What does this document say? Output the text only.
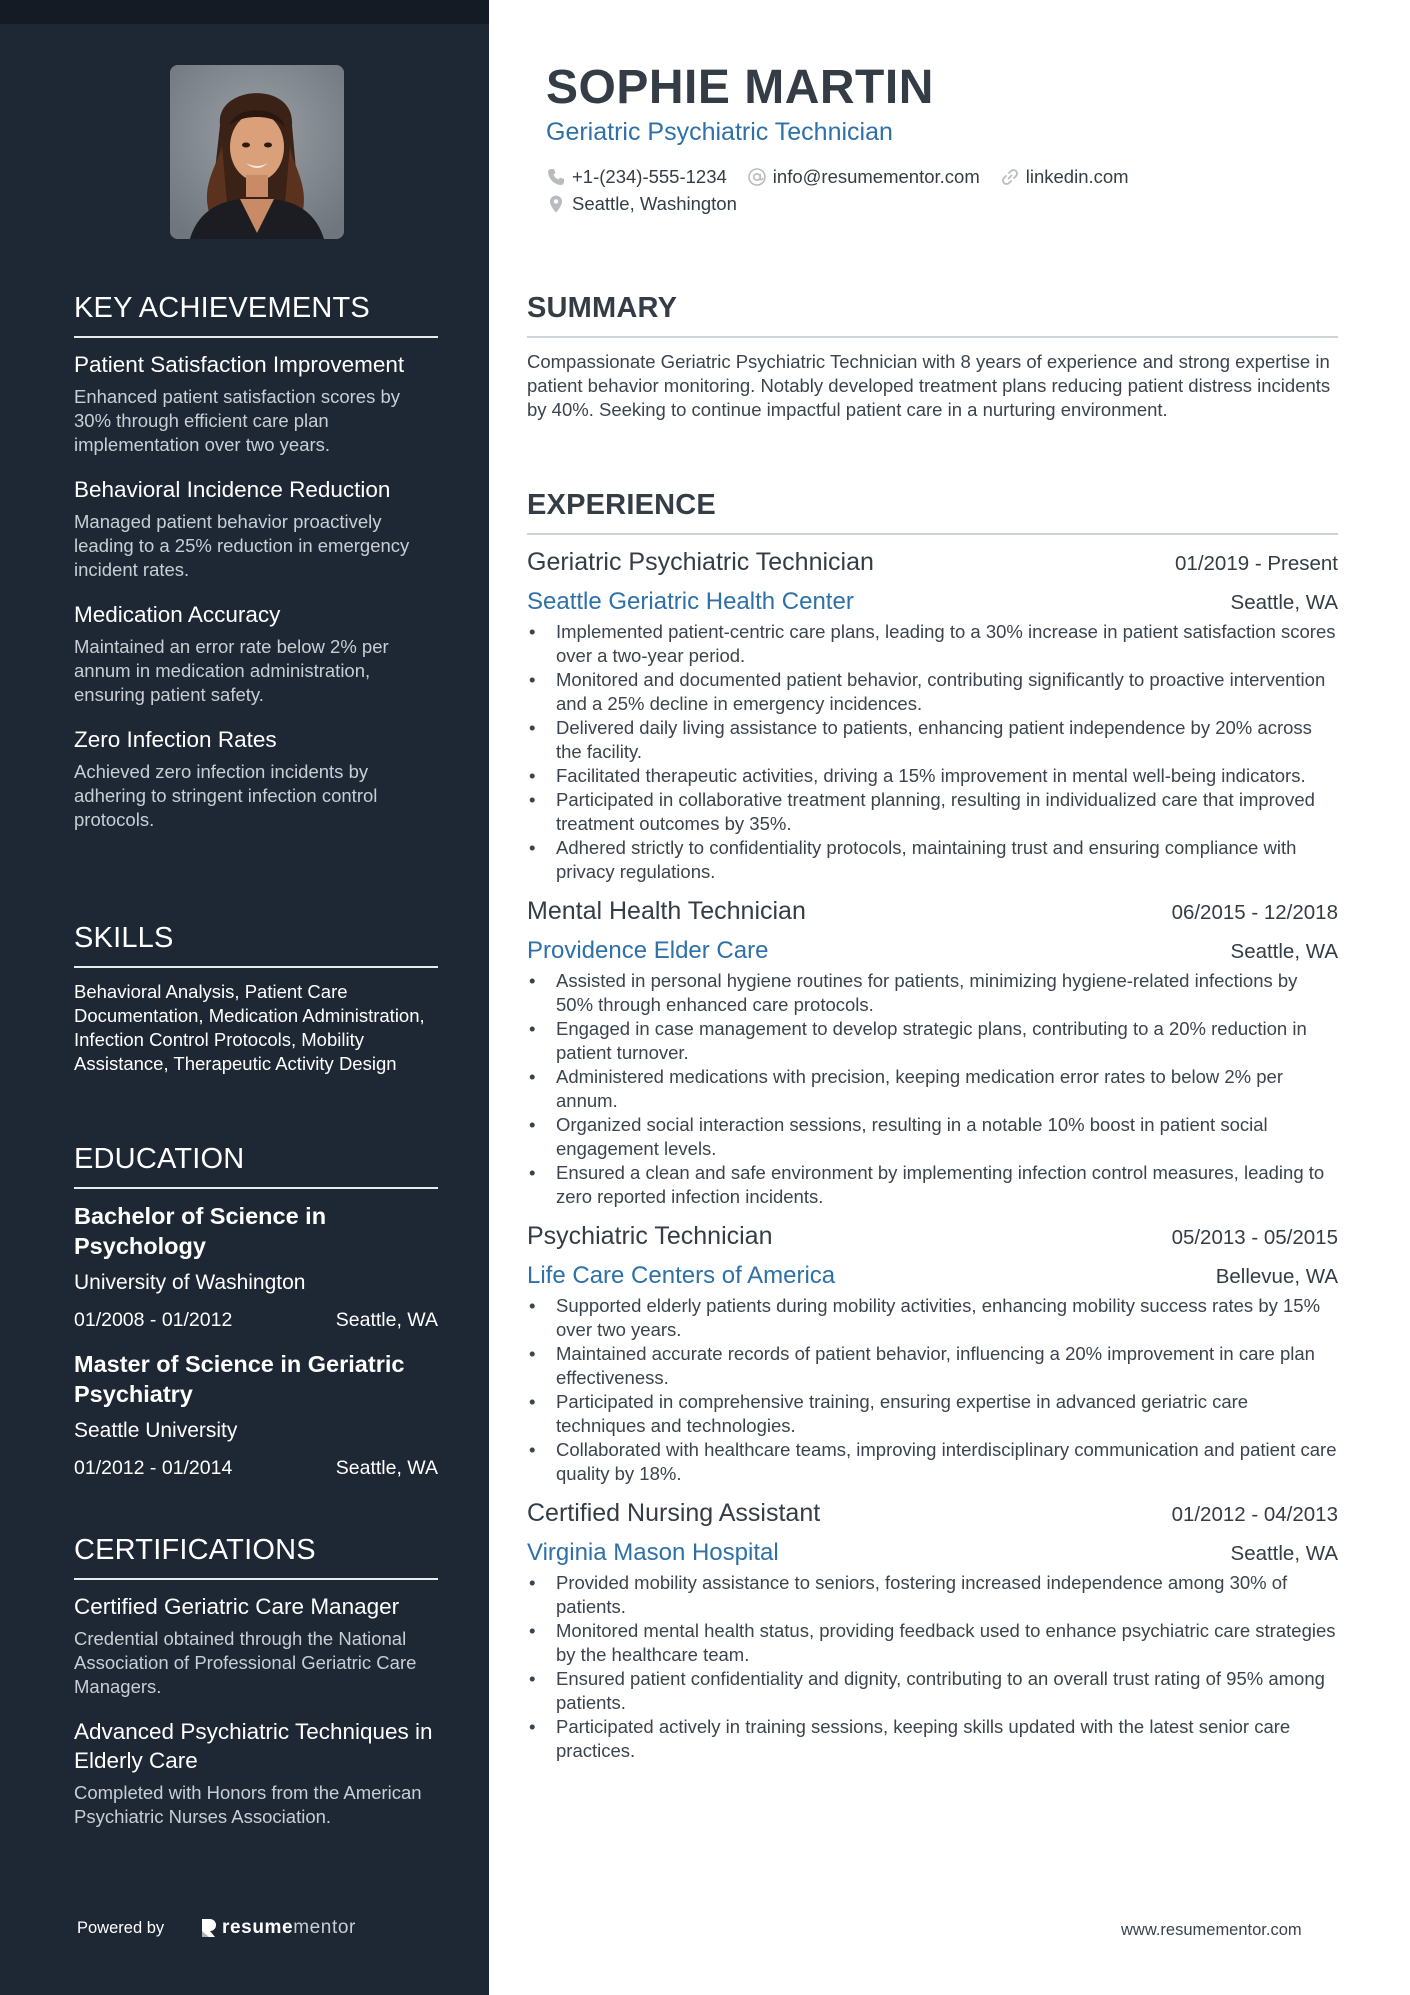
KEY ACHIEVEMENTS
Patient Satisfaction Improvement
Enhanced patient satisfaction scores by 30% through efficient care plan implementation over two years.
Behavioral Incidence Reduction
Managed patient behavior proactively leading to a 25% reduction in emergency incident rates.
Medication Accuracy
Maintained an error rate below 2% per annum in medication administration, ensuring patient safety.
Zero Infection Rates
Achieved zero infection incidents by adhering to stringent infection control protocols.
SKILLS
Behavioral Analysis, Patient Care Documentation, Medication Administration, Infection Control Protocols, Mobility Assistance, Therapeutic Activity Design
EDUCATION
Bachelor of Science in Psychology
University of Washington
01/2008 - 01/2012	Seattle, WA
Master of Science in Geriatric Psychiatry
Seattle University
01/2012 - 01/2014	Seattle, WA
CERTIFICATIONS
Certified Geriatric Care Manager
Credential obtained through the National Association of Professional Geriatric Care Managers.
Advanced Psychiatric Techniques in Elderly Care
Completed with Honors from the American Psychiatric Nurses Association.
Powered by	resume mentor
SOPHIE MARTIN
Geriatric Psychiatric Technician
+1-(234)-555-1234 info@resumementor.com linkedin.com
Seattle, Washington
SUMMARY

Compassionate Geriatric Psychiatric Technician with 8 years of experience and strong expertise in patient behavior monitoring. Notably developed treatment plans reducing patient distress incidents by 40%. Seeking to continue impactful patient care in a nurturing environment.

EXPERIENCE
Geriatric Psychiatric Technician	01/2019 - Present
Seattle Geriatric Health Center	Seattle, WA
• Implemented patient-centric care plans, leading to a 30% increase in patient satisfaction scores over a two-year period.
• Monitored and documented patient behavior, contributing significantly to proactive intervention and a 25% decline in emergency incidences.
• Delivered daily living assistance to patients, enhancing patient independence by 20% across the facility.
• Facilitated therapeutic activities, driving a 15% improvement in mental well-being indicators.
• Participated in collaborative treatment planning, resulting in individualized care that improved treatment outcomes by 35%.
• Adhered strictly to confidentiality protocols, maintaining trust and ensuring compliance with privacy regulations.
Mental Health Technician	06/2015 - 12/2018
Providence Elder Care	Seattle, WA
• Assisted in personal hygiene routines for patients, minimizing hygiene-related infections by 50% through enhanced care protocols.
• Engaged in case management to develop strategic plans, contributing to a 20% reduction in patient turnover.
• Administered medications with precision, keeping medication error rates to below 2% per annum.
• Organized social interaction sessions, resulting in a notable 10% boost in patient social engagement levels.
• Ensured a clean and safe environment by implementing infection control measures, leading to zero reported infection incidents.
Psychiatric Technician	05/2013 - 05/2015
Life Care Centers of America	Bellevue, WA
• Supported elderly patients during mobility activities, enhancing mobility success rates by 15% over two years.
• Maintained accurate records of patient behavior, influencing a 20% improvement in care plan effectiveness.
• Participated in comprehensive training, ensuring expertise in advanced geriatric care techniques and technologies.
• Collaborated with healthcare teams, improving interdisciplinary communication and patient care quality by 18%.
Certified Nursing Assistant	01/2012 - 04/2013
Virginia Mason Hospital	Seattle, WA
• Provided mobility assistance to seniors, fostering increased independence among 30% of patients.
• Monitored mental health status, providing feedback used to enhance psychiatric care strategies by the healthcare team.
• Ensured patient confidentiality and dignity, contributing to an overall trust rating of 95% among patients.
• Participated actively in training sessions, keeping skills updated with the latest senior care practices.
www.resumementor.com
